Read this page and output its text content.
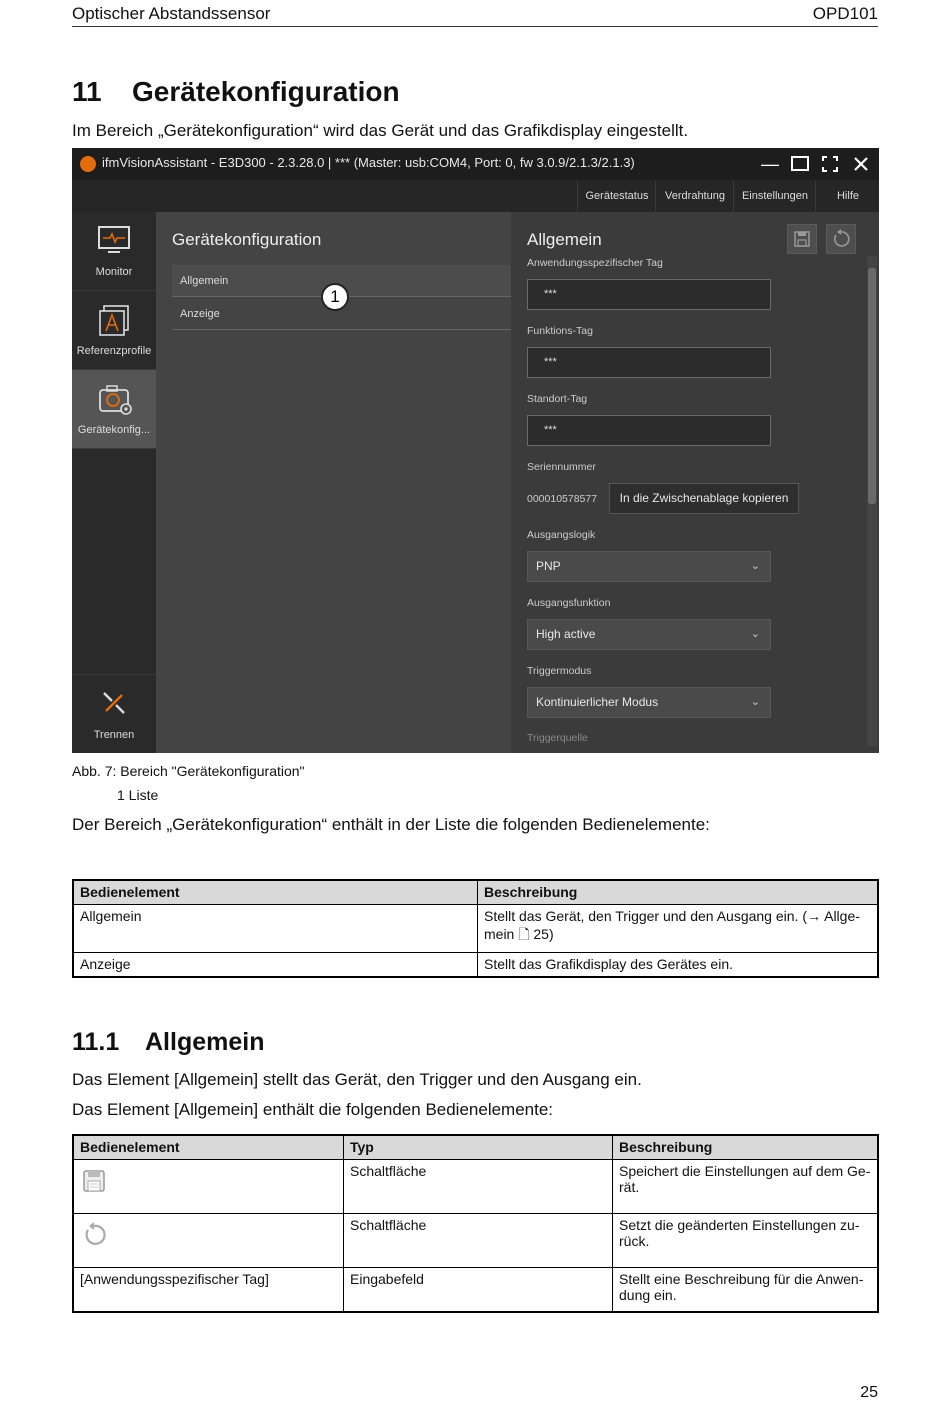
Optischer Abstandssensor	OPD101
11 Gerätekonfiguration
Im Bereich „Gerätekonfiguration“ wird das Gerät und das Grafikdisplay eingestellt.
ifmVisionAssistant - E3D300 - 2.3.28.0 | *** (Master: usb:COM4, Port: 0, fw 3.0.9/2.1.3/2.1.3)	—
Gerätestatus	Verdrahtung	Einstellungen	Hilfe
Monitor
Referenzprofile
Gerätekonfig...
Trennen
Gerätekonfiguration
Allgemein
Anzeige
1
Allgemein
Anwendungsspezifischer Tag
***
Funktions-Tag
***
Standort-Tag
***
Seriennummer
000010578577	In die Zwischenablage kopieren
Ausgangslogik
PNP	⌄
Ausgangsfunktion
High active	⌄
Triggermodus
Kontinuierlicher Modus	⌄
Triggerquelle
Abb. 7: Bereich "Gerätekonfiguration"
1 Liste
Der Bereich „Gerätekonfiguration“ enthält in der Liste die folgenden Bedienelemente:
Bedienelement	Beschreibung
Allgemein	Stellt das Gerät, den Trigger und den Ausgang ein. (→ Allge-
mein 🗋 25)
Anzeige	Stellt das Grafikdisplay des Gerätes ein.
11.1 Allgemein
Das Element [Allgemein] stellt das Gerät, den Trigger und den Ausgang ein.
Das Element [Allgemein] enthält die folgenden Bedienelemente:
Bedienelement	Typ	Beschreibung

	Schaltfläche	Speichert die Einstellungen auf dem Ge-
rät.

	Schaltfläche	Setzt die geänderten Einstellungen zu-
rück.
[Anwendungsspezifischer Tag]	Eingabefeld	Stellt eine Beschreibung für die Anwen-
dung ein.
25
